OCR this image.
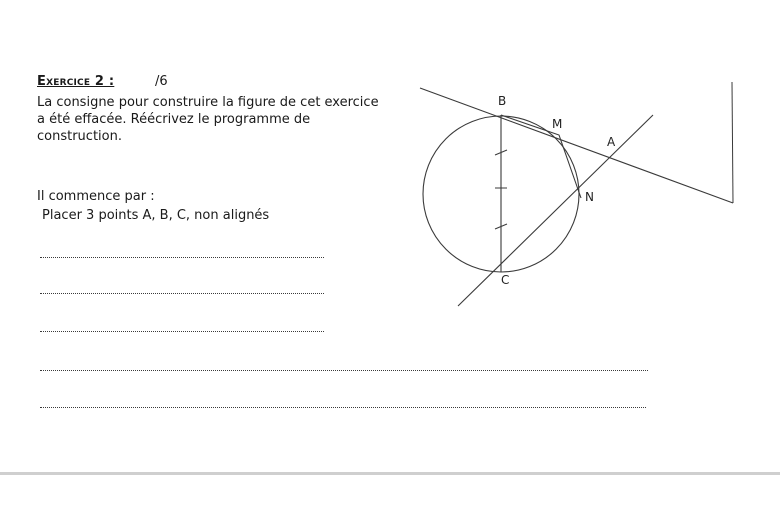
Exercice 2 :	/6

La consigne pour construire la figure de cet exercice

a été effacée. Réécrivez le programme de

construction.

Il commence par :
Placer 3 points A, B, C, non alignés
B
M
A
N
C
